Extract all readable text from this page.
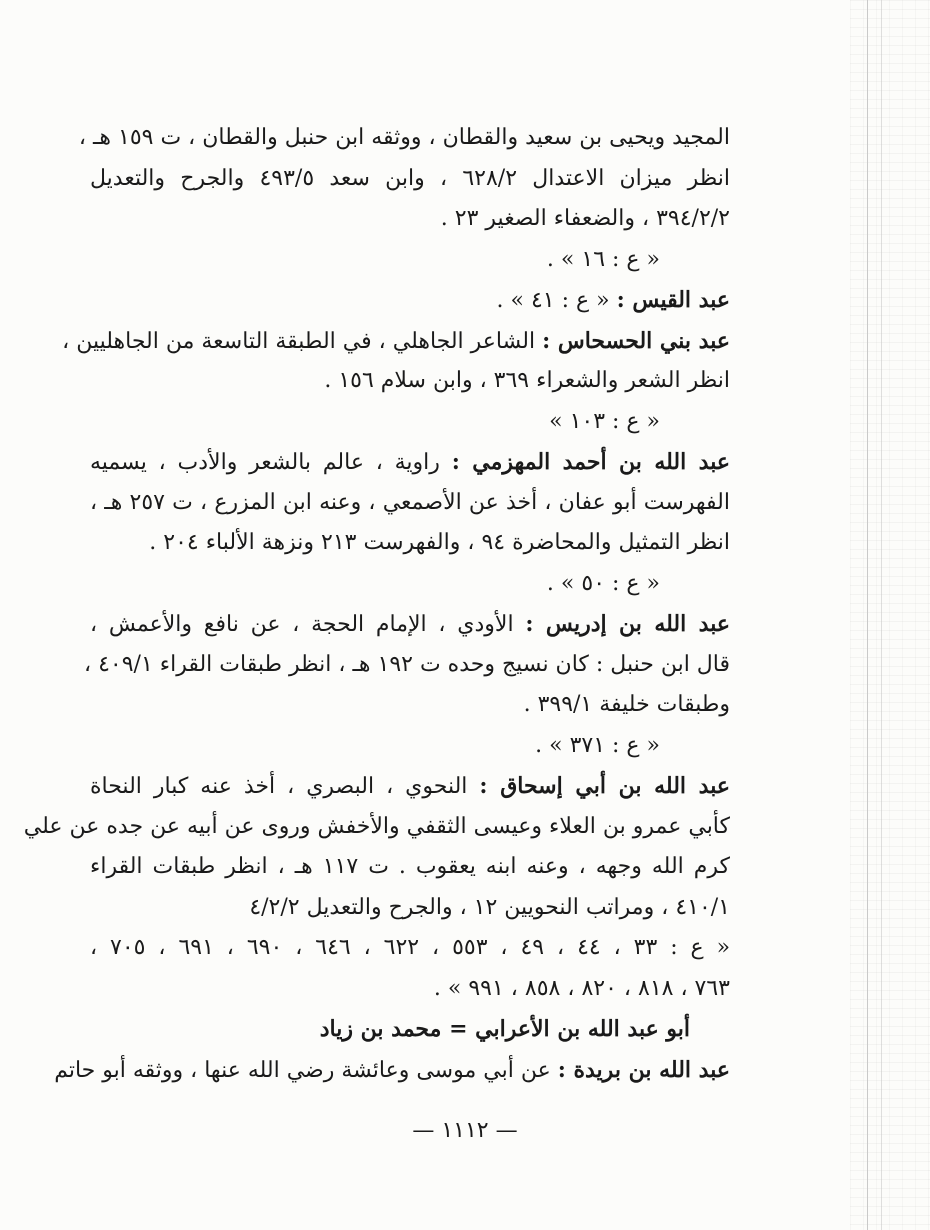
المجيد ويحيى بن سعيد والقطان ، ووثقه ابن حنبل والقطان ، ت ١٥٩ هـ ،
انظر ميزان الاعتدال ٦٢٨/٢ ، وابن سعد ٤٩٣/٥ والجرح والتعديل
٣٩٤/٢/٢ ، والضعفاء الصغير ٢٣ .
« ع : ١٦ » .
عبد القيس : « ع : ٤١ » .
عبد بني الحسحاس : الشاعر الجاهلي ، في الطبقة التاسعة من الجاهليين ،
انظر الشعر والشعراء ٣٦٩ ، وابن سلام ١٥٦ .
« ع : ١٠٣ »
عبد الله بن أحمد المهزمي : راوية ، عالم بالشعر والأدب ، يسميه
الفهرست أبو عفان ، أخذ عن الأصمعي ، وعنه ابن المزرع ، ت ٢٥٧ هـ ،
انظر التمثيل والمحاضرة ٩٤ ، والفهرست ٢١٣ ونزهة الألباء ٢٠٤ .
« ع : ٥٠ » .
عبد الله بن إدريس : الأودي ، الإمام الحجة ، عن نافع والأعمش ،
قال ابن حنبل : كان نسيج وحده ت ١٩٢ هـ ، انظر طبقات القراء ٤٠٩/١ ،
وطبقات خليفة ٣٩٩/١ .
« ع : ٣٧١ » .
عبد الله بن أبي إسحاق : النحوي ، البصري ، أخذ عنه كبار النحاة
كأبي عمرو بن العلاء وعيسى الثقفي والأخفش وروى عن أبيه عن جده عن علي
كرم الله وجهه ، وعنه ابنه يعقوب . ت ١١٧ هـ ، انظر طبقات القراء
٤١٠/١ ، ومراتب النحويين ١٢ ، والجرح والتعديل ٤/٢/٢
« ع : ٣٣ ، ٤٤ ، ٤٩ ، ٥٥٣ ، ٦٢٢ ، ٦٤٦ ، ٦٩٠ ، ٦٩١ ، ٧٠٥ ،
٧٦٣ ، ٨١٨ ، ٨٢٠ ، ٨٥٨ ، ٩٩١ » .
أبو عبد الله بن الأعرابي = محمد بن زياد
عبد الله بن بريدة : عن أبي موسى وعائشة رضي الله عنها ، ووثقه أبو حاتم
— ١١١٢ —
